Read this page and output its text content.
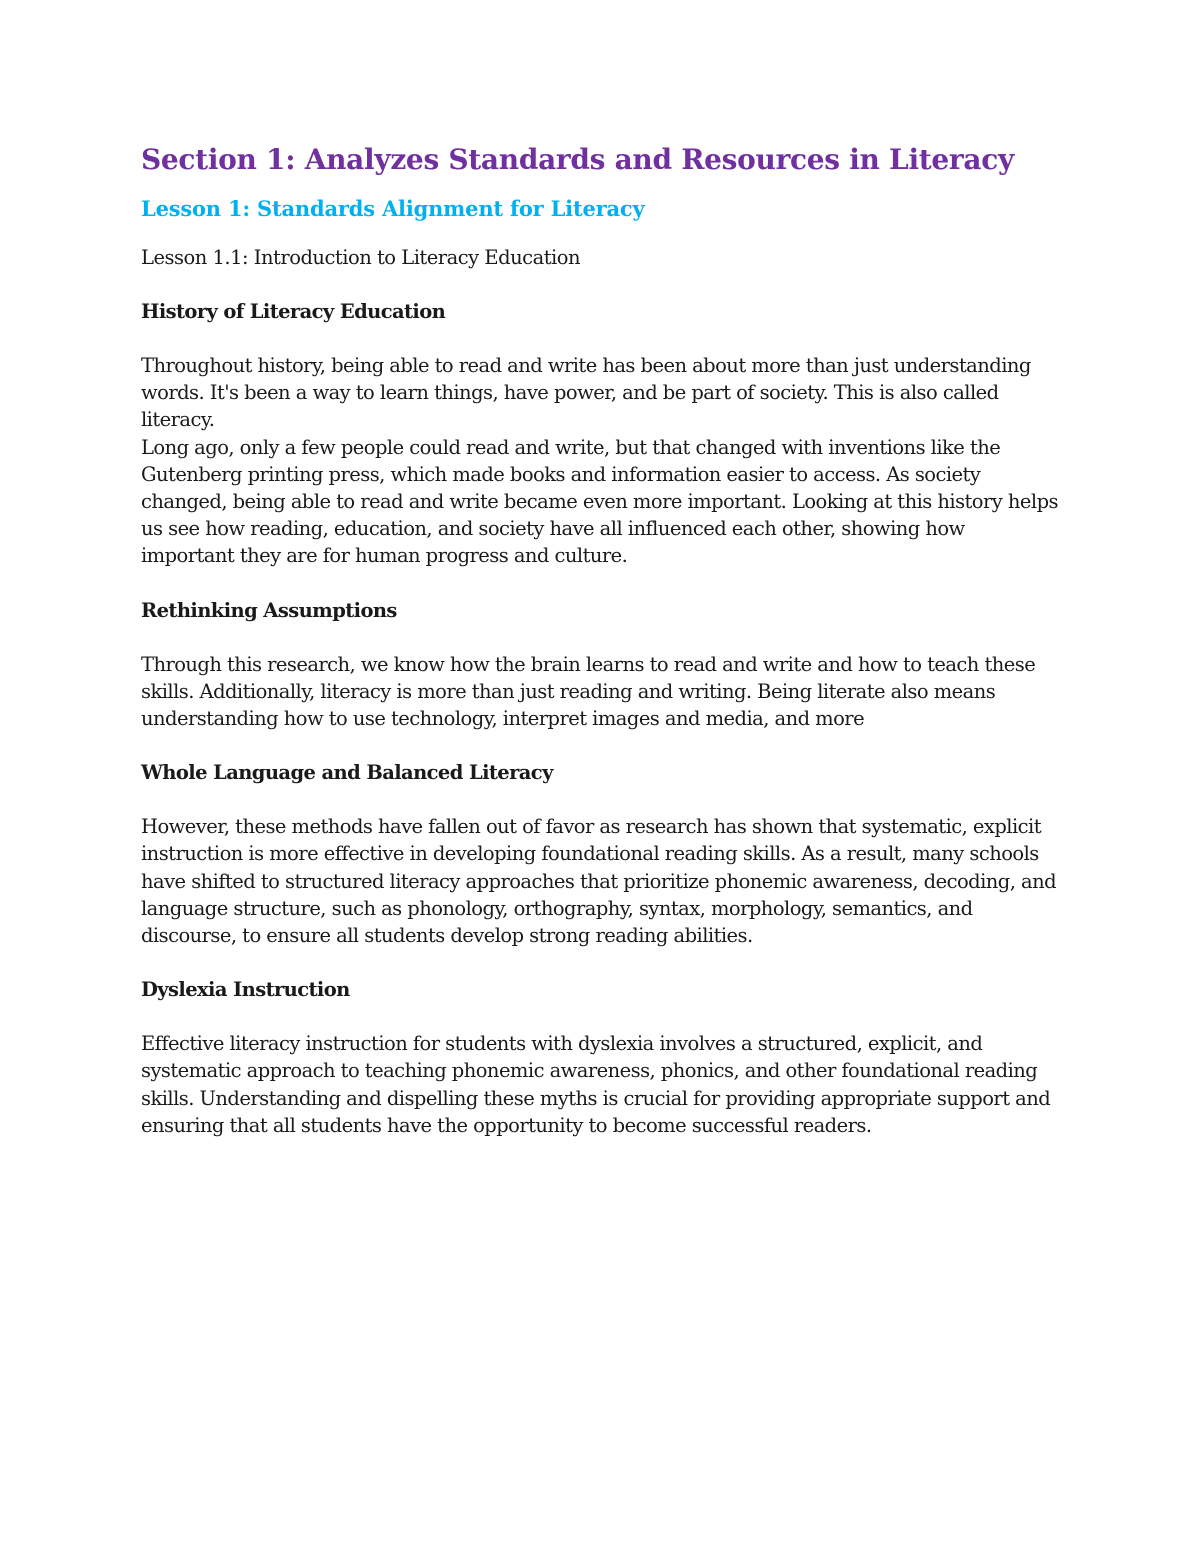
Section 1: Analyzes Standards and Resources in Literacy
Lesson 1: Standards Alignment for Literacy

Lesson 1.1: Introduction to Literacy Education

History of Literacy Education

Throughout history, being able to read and write has been about more than just understanding words. It's been a way to learn things, have power, and be part of society. This is also called literacy.

Long ago, only a few people could read and write, but that changed with inventions like the Gutenberg printing press, which made books and information easier to access. As society changed, being able to read and write became even more important. Looking at this history helps us see how reading, education, and society have all influenced each other, showing how important they are for human progress and culture.

Rethinking Assumptions

Through this research, we know how the brain learns to read and write and how to teach these skills. Additionally, literacy is more than just reading and writing. Being literate also means understanding how to use technology, interpret images and media, and more

Whole Language and Balanced Literacy

However, these methods have fallen out of favor as research has shown that systematic, explicit instruction is more effective in developing foundational reading skills. As a result, many schools have shifted to structured literacy approaches that prioritize phonemic awareness, decoding, and language structure, such as phonology, orthography, syntax, morphology, semantics, and discourse, to ensure all students develop strong reading abilities.

Dyslexia Instruction

Effective literacy instruction for students with dyslexia involves a structured, explicit, and systematic approach to teaching phonemic awareness, phonics, and other foundational reading skills. Understanding and dispelling these myths is crucial for providing appropriate support and ensuring that all students have the opportunity to become successful readers.
